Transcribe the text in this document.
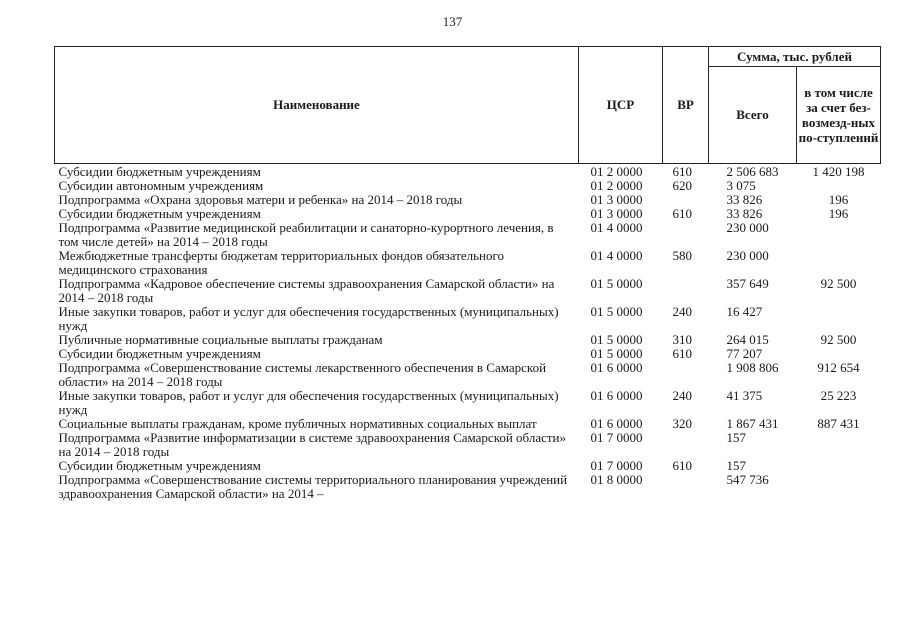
137
Наименование	ЦСР	ВР	Сумма, тыс. рублей	
			Всего	в том числе за счет без-возмезд-ных по-ступлений
Субсидии бюджетным учреждениям	01 2 0000	610	2 506 683	1 420 198
Субсидии автономным учреждениям	01 2 0000	620	3 075	
Подпрограмма «Охрана здоровья матери и ребенка» на 2014 – 2018 годы	01 3 0000		33 826	196
Субсидии бюджетным учреждениям	01 3 0000	610	33 826	196
Подпрограмма «Развитие медицинской реабилитации и санаторно-курортного лечения, в том числе детей» на 2014 – 2018 годы	01 4 0000		230 000	
Межбюджетные трансферты бюджетам территориальных фондов обязательного медицинского страхования	01 4 0000	580	230 000	
Подпрограмма «Кадровое обеспечение системы здравоохранения Самарской области» на 2014 – 2018 годы	01 5 0000		357 649	92 500
Иные закупки товаров, работ и услуг для обеспечения государственных (муниципальных) нужд	01 5 0000	240	16 427	
Публичные нормативные социальные выплаты гражданам	01 5 0000	310	264 015	92 500
Субсидии бюджетным учреждениям	01 5 0000	610	77 207	
Подпрограмма «Совершенствование системы лекарственного обеспечения в Самарской области» на 2014 – 2018 годы	01 6 0000		1 908 806	912 654
Иные закупки товаров, работ и услуг для обеспечения государственных (муниципальных) нужд	01 6 0000	240	41 375	25 223
Социальные выплаты гражданам, кроме публичных нормативных социальных выплат	01 6 0000	320	1 867 431	887 431
Подпрограмма «Развитие информатизации в системе здравоохранения Самарской области» на 2014 – 2018 годы	01 7 0000		157	
Субсидии бюджетным учреждениям	01 7 0000	610	157	
Подпрограмма «Совершенствование системы территориального планирования учреждений здравоохранения Самарской области» на 2014 –	01 8 0000		547 736	
